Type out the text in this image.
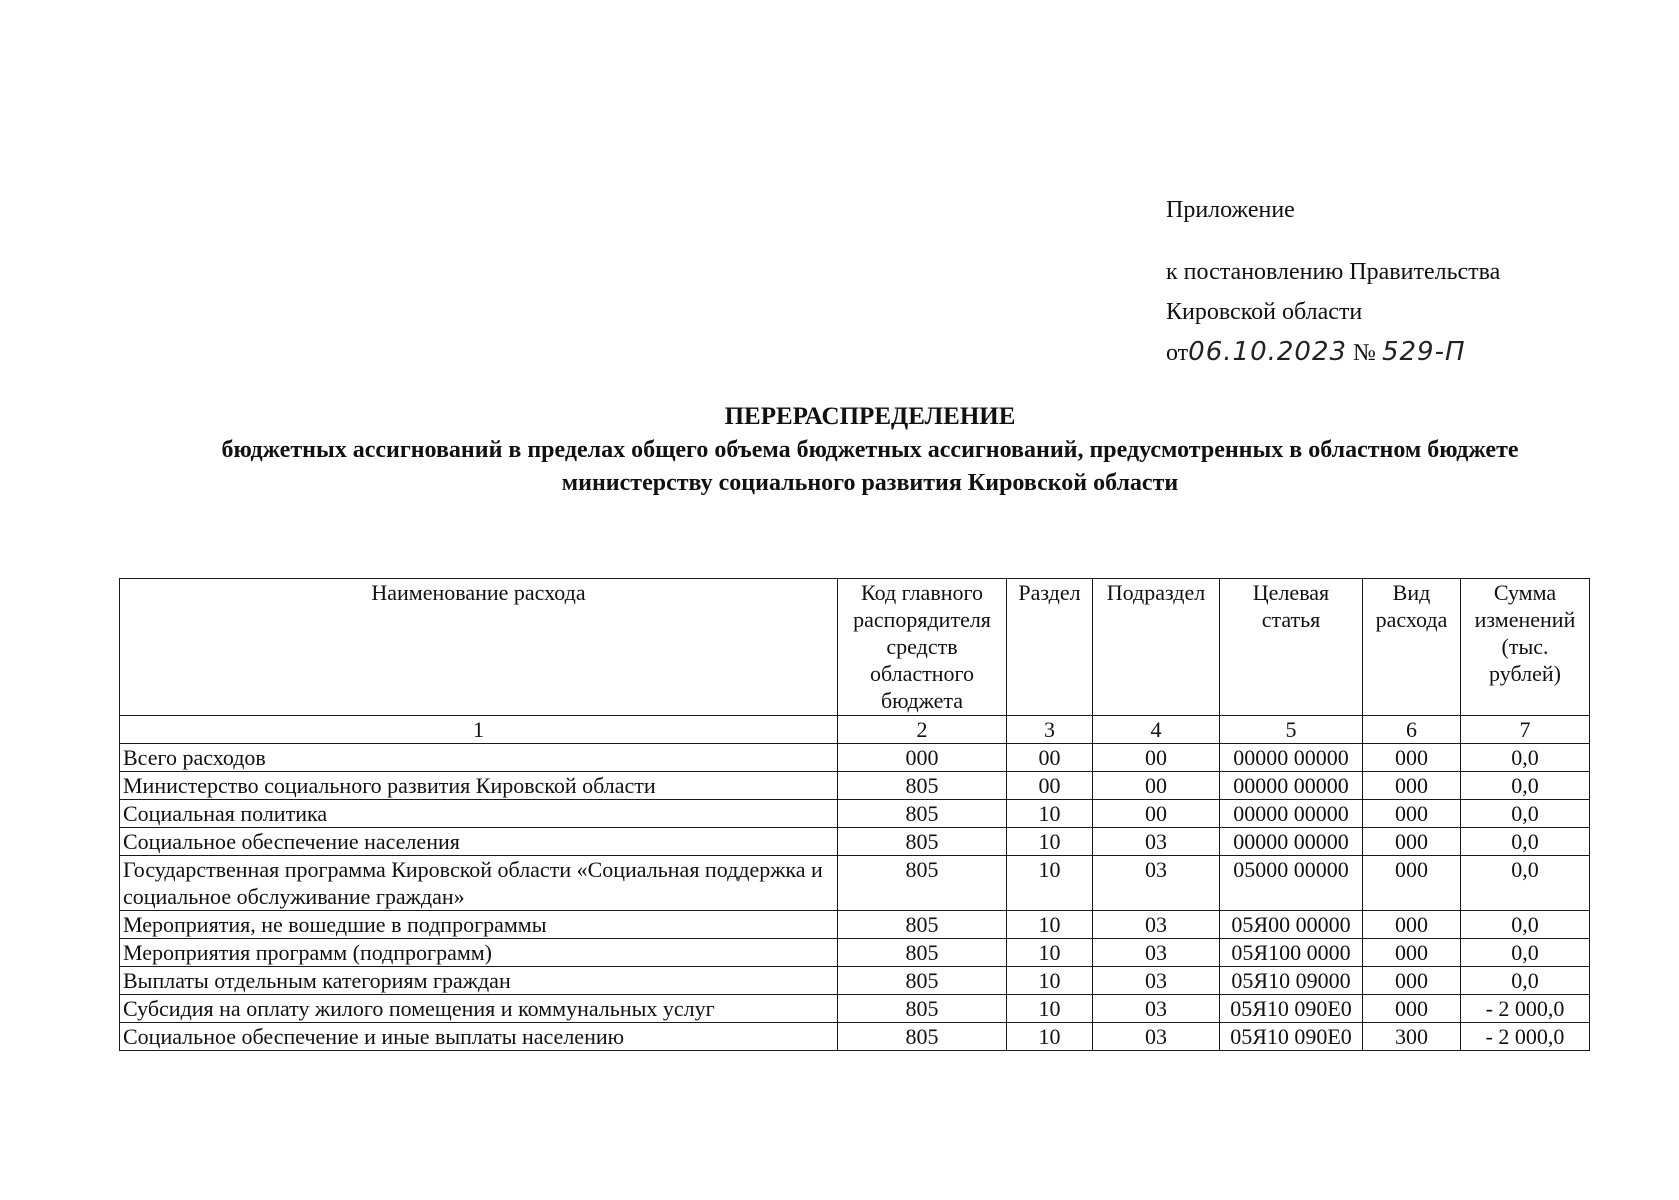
Приложение
к постановлению Правительства
Кировской области
от06.10.2023 № 529-П
ПЕРЕРАСПРЕДЕЛЕНИЕ
бюджетных ассигнований в пределах общего объема бюджетных ассигнований, предусмотренных в областном бюджете министерству социального развития Кировской области
Наименование расхода	Код главного распорядителя средств областного бюджета	Раздел	Подраздел	Целевая статья	Вид расхода	Сумма изменений (тыс. рублей)
1	2	3	4	5	6	7
Всего расходов	000	00	00	00000 00000	000	0,0
Министерство социального развития Кировской области	805	00	00	00000 00000	000	0,0
Социальная политика	805	10	00	00000 00000	000	0,0
Социальное обеспечение населения	805	10	03	00000 00000	000	0,0
Государственная программа Кировской области «Социальная поддержка и социальное обслуживание граждан»	805	10	03	05000 00000	000	0,0
Мероприятия, не вошедшие в подпрограммы	805	10	03	05Я00 00000	000	0,0
Мероприятия программ (подпрограмм)	805	10	03	05Я100 0000	000	0,0
Выплаты отдельным категориям граждан	805	10	03	05Я10 09000	000	0,0
Субсидия на оплату жилого помещения и коммунальных услуг	805	10	03	05Я10 090Е0	000	- 2 000,0
Социальное обеспечение и иные выплаты населению	805	10	03	05Я10 090Е0	300	- 2 000,0
